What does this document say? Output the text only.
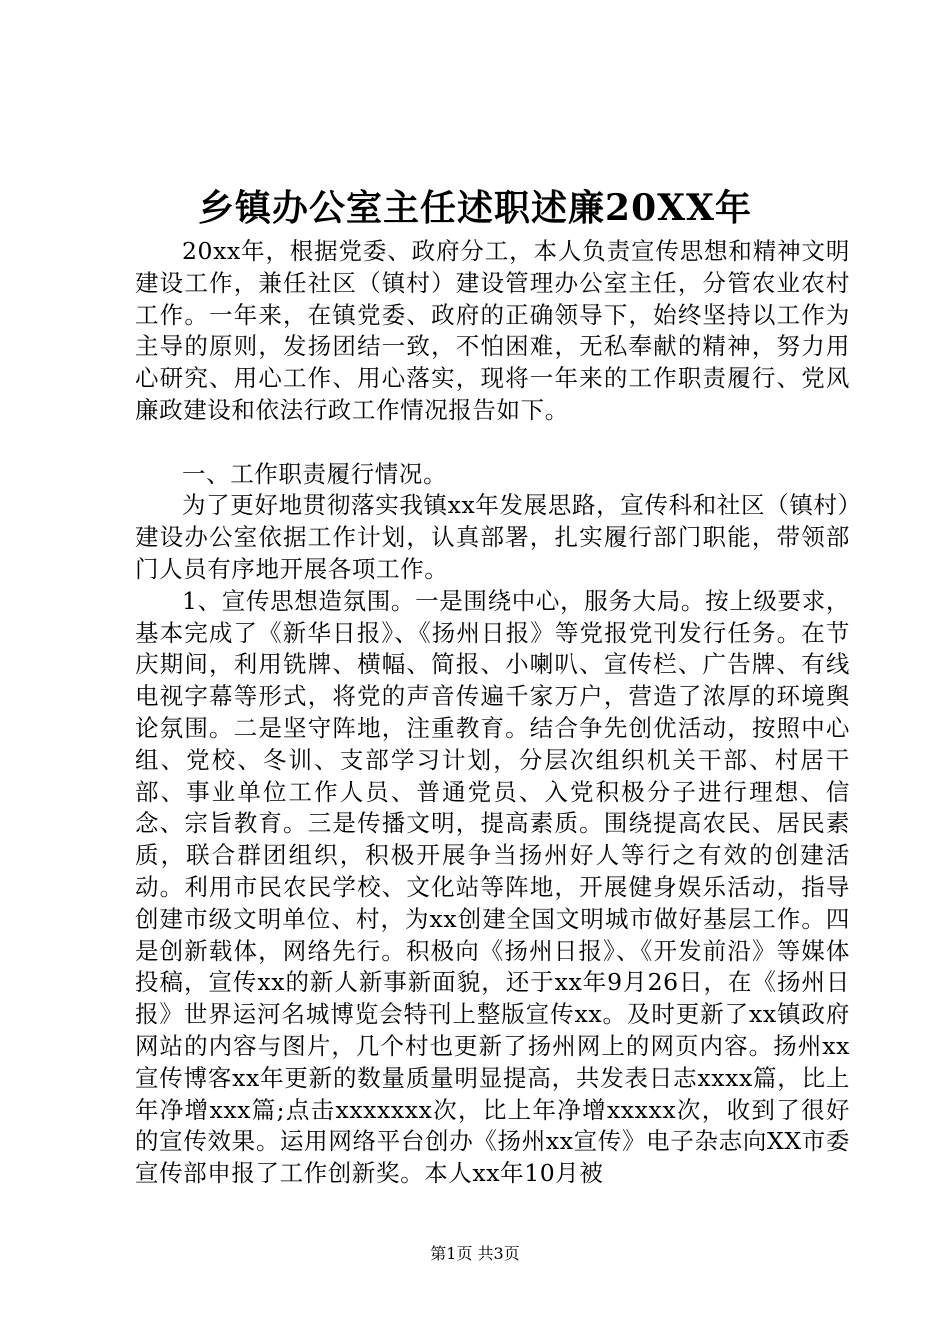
乡镇办公室主任述职述廉20XX年

20xx年，根据党委、政府分工，本人负责宣传思想和精神文明建设工作，兼任社区（镇村）建设管理办公室主任，分管农业农村工作。一年来，在镇党委、政府的正确领导下，始终坚持以工作为主导的原则，发扬团结一致，不怕困难，无私奉献的精神，努力用心研究、用心工作、用心落实，现将一年来的工作职责履行、党风廉政建设和依法行政工作情况报告如下。

一、工作职责履行情况。

为了更好地贯彻落实我镇xx年发展思路，宣传科和社区（镇村）建设办公室依据工作计划，认真部署，扎实履行部门职能，带领部门人员有序地开展各项工作。

1、宣传思想造氛围。一是围绕中心，服务大局。按上级要求，基本完成了《新华日报》、《扬州日报》等党报党刊发行任务。在节庆期间，利用铣牌、横幅、简报、小喇叭、宣传栏、广告牌、有线电视字幕等形式，将党的声音传遍千家万户，营造了浓厚的环境舆论氛围。二是坚守阵地，注重教育。结合争先创优活动，按照中心组、党校、冬训、支部学习计划，分层次组织机关干部、村居干部、事业单位工作人员、普通党员、入党积极分子进行理想、信念、宗旨教育。三是传播文明，提高素质。围绕提高农民、居民素质，联合群团组织，积极开展争当扬州好人等行之有效的创建活动。利用市民农民学校、文化站等阵地，开展健身娱乐活动，指导创建市级文明单位、村，为xx创建全国文明城市做好基层工作。四是创新载体，网络先行。积极向《扬州日报》、《开发前沿》等媒体投稿，宣传xx的新人新事新面貌，还于xx年9月26日，在《扬州日报》世界运河名城博览会特刊上整版宣传xx。及时更新了xx镇政府网站的内容与图片，几个村也更新了扬州网上的网页内容。扬州xx宣传博客xx年更新的数量质量明显提高，共发表日志xxxx篇，比上年净增xxx篇;点击xxxxxxx次，比上年净增xxxxx次，收到了很好的宣传效果。运用网络平台创办《扬州xx宣传》电子杂志向XX市委宣传部申报了工作创新奖。本人xx年10月被

第1页 共3页
